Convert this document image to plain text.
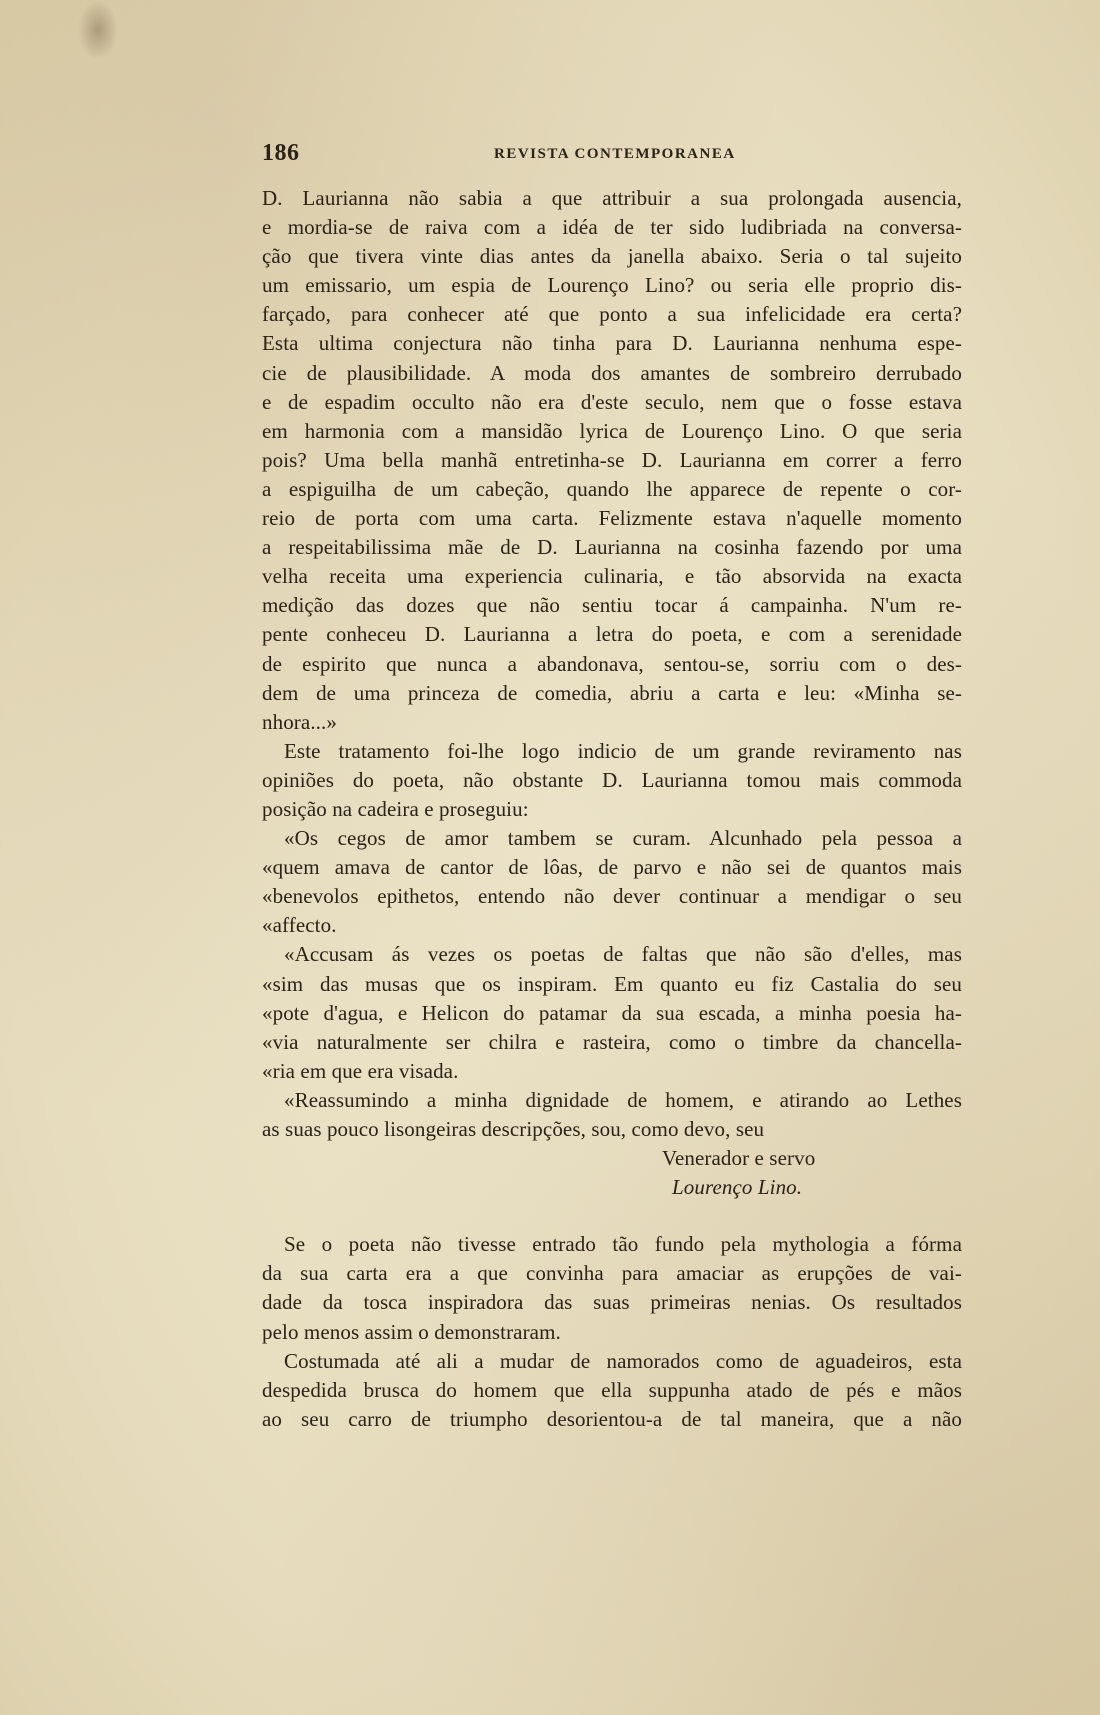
186	REVISTA CONTEMPORANEA
D. Laurianna não sabia a que attribuir a sua prolongada ausencia,
e mordia-se de raiva com a idéa de ter sido ludibriada na conversa-
ção que tivera vinte dias antes da janella abaixo. Seria o tal sujeito
um emissario, um espia de Lourenço Lino? ou seria elle proprio dis-
farçado, para conhecer até que ponto a sua infelicidade era certa?
Esta ultima conjectura não tinha para D. Laurianna nenhuma espe-
cie de plausibilidade. A moda dos amantes de sombreiro derrubado
e de espadim occulto não era d'este seculo, nem que o fosse estava
em harmonia com a mansidão lyrica de Lourenço Lino. O que seria
pois? Uma bella manhã entretinha-se D. Laurianna em correr a ferro
a espiguilha de um cabeção, quando lhe apparece de repente o cor-
reio de porta com uma carta. Felizmente estava n'aquelle momento
a respeitabilissima mãe de D. Laurianna na cosinha fazendo por uma
velha receita uma experiencia culinaria, e tão absorvida na exacta
medição das dozes que não sentiu tocar á campainha. N'um re-
pente conheceu D. Laurianna a letra do poeta, e com a serenidade
de espirito que nunca a abandonava, sentou-se, sorriu com o des-
dem de uma princeza de comedia, abriu a carta e leu: «Minha se-
nhora...»
Este tratamento foi-lhe logo indicio de um grande reviramento nas
opiniões do poeta, não obstante D. Laurianna tomou mais commoda
posição na cadeira e proseguiu:
«Os cegos de amor tambem se curam. Alcunhado pela pessoa a
«quem amava de cantor de lôas, de parvo e não sei de quantos mais
«benevolos epithetos, entendo não dever continuar a mendigar o seu
«affecto.
«Accusam ás vezes os poetas de faltas que não são d'elles, mas
«sim das musas que os inspiram. Em quanto eu fiz Castalia do seu
«pote d'agua, e Helicon do patamar da sua escada, a minha poesia ha-
«via naturalmente ser chilra e rasteira, como o timbre da chancella-
«ria em que era visada.
«Reassumindo a minha dignidade de homem, e atirando ao Lethes
as suas pouco lisongeiras descripções, sou, como devo, seu
Venerador e servo
Lourenço Lino.
Se o poeta não tivesse entrado tão fundo pela mythologia a fórma
da sua carta era a que convinha para amaciar as erupções de vai-
dade da tosca inspiradora das suas primeiras nenias. Os resultados
pelo menos assim o demonstraram.
Costumada até ali a mudar de namorados como de aguadeiros, esta
despedida brusca do homem que ella suppunha atado de pés e mãos
ao seu carro de triumpho desorientou-a de tal maneira, que a não
